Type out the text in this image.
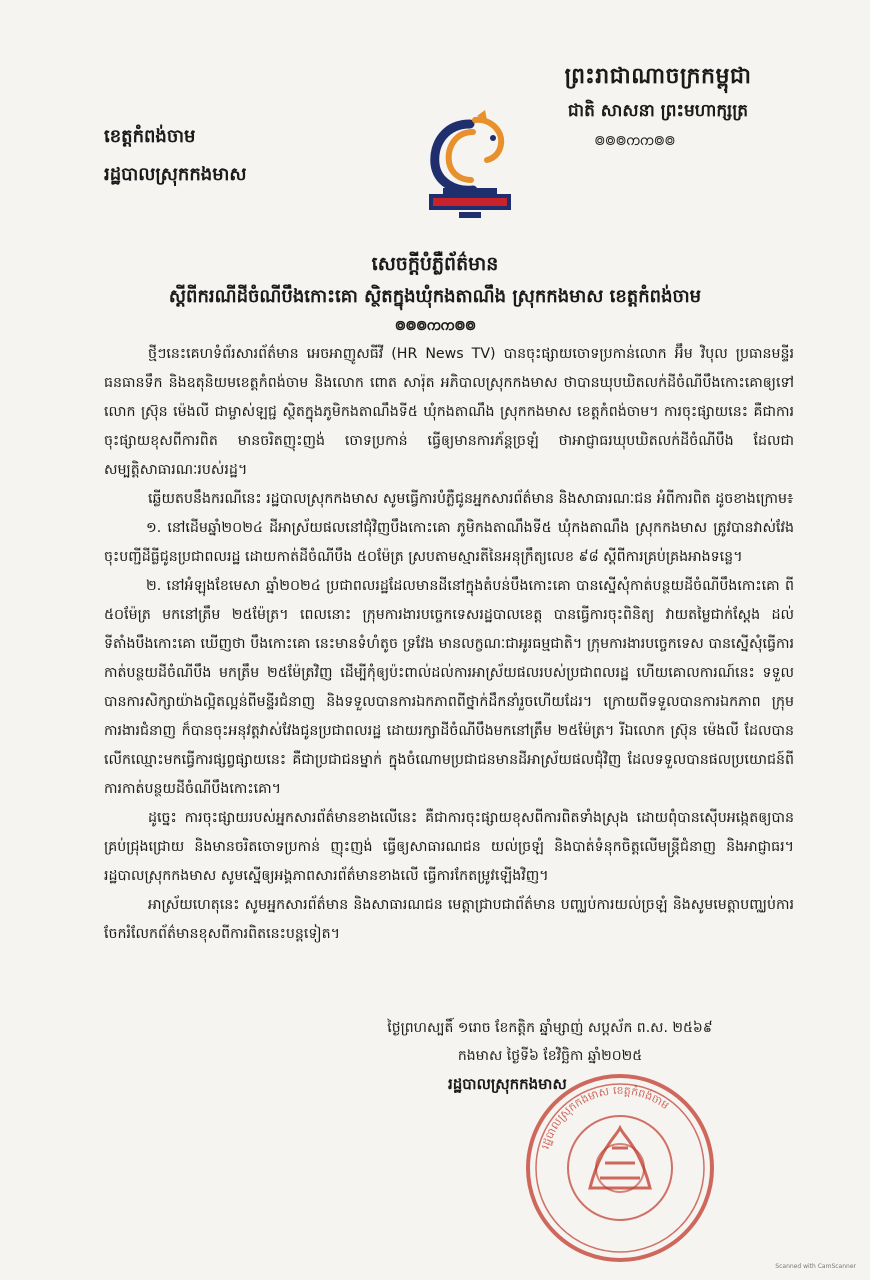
ព្រះរាជាណាចក្រកម្ពុជា
ជាតិ សាសនា ព្រះមហាក្សត្រ
៙៙៙ᨠᨠ៙៙
ខេត្តកំពង់ចាម
រដ្ឋបាលស្រុកកងមាស
សេចក្តីបំភ្លឺព័ត៌មាន
ស្តីពីករណីដីចំណីបឹងកោះគោ ស្ថិតក្នុងឃុំកងតាណឹង ស្រុកកងមាស ខេត្តកំពង់ចាម
៙៙៙ᨠᨠ៙៙

ថ្មីៗនេះគេហទំព័រសារព័ត៌មាន អេចអាញូសធីវី (HR News TV) បានចុះផ្សាយចោទប្រកាន់លោក អ៊ឹម វិបុល ប្រធានមន្ទីរធនធានទឹក និងឧតុនិយមខេត្តកំពង់ចាម និងលោក ពោត សារ៉ុត អភិបាលស្រុកកងមាស ថាបានឃុបឃិតលក់ដីចំណីបឹងកោះគោឲ្យទៅលោក ស្រ៊ុន ម៉េងលី ជាម្ចាស់ឡជ្ជ ស្ថិតក្នុងភូមិកងតាណឹងទី៥ ឃុំកងតាណឹង ស្រុកកងមាស ខេត្តកំពង់ចាម។ ការចុះផ្សាយនេះ គឺជាការចុះផ្សាយខុសពីការពិត មានចរិតញុះញង់ ចោទប្រកាន់ ធ្វើឲ្យមានការភ័ន្តច្រឡំ ថាអាជ្ញាធរឃុបឃិតលក់ដីចំណីបឹង ដែលជាសម្បត្តិសាធារណៈរបស់រដ្ឋ។

ឆ្លើយតបនឹងករណីនេះ រដ្ឋបាលស្រុកកងមាស សូមធ្វើការបំភ្លឺជូនអ្នកសារព័ត៌មាន និងសាធារណៈជន អំពីការពិត ដូចខាងក្រោម៖

១. នៅដើមឆ្នាំ២០២៤ ដីអាស្រ័យផលនៅជុំវិញបឹងកោះគោ ភូមិកងតាណឹងទី៥ ឃុំកងតាណឹង ស្រុកកងមាស ត្រូវបានវាស់វែងចុះបញ្ជីដីធ្លីជូនប្រជាពលរដ្ឋ ដោយកាត់ដីចំណីបឹង ៥០ម៉ែត្រ ស្របតាមស្មារតីនៃអនុក្រឹត្យលេខ ៩៨ ស្តីពីការគ្រប់គ្រងអាងទន្លេ។

២. នៅអំឡុងខែមេសា ឆ្នាំ២០២៤ ប្រជាពលរដ្ឋដែលមានដីនៅក្នុងតំបន់បឹងកោះគោ បានស្នើសុំកាត់បន្ថយដីចំណីបឹងកោះគោ ពី ៥០ម៉ែត្រ មកនៅត្រឹម ២៥ម៉ែត្រ។ ពេលនោះ ក្រុមការងារបច្ចេកទេសរដ្ឋបាលខេត្ត បានធ្វើការចុះពិនិត្យ វាយតម្លៃជាក់ស្តែង ដល់ទីតាំងបឹងកោះគោ ឃើញថា បឹងកោះគោ នេះមានទំហំតូច ទ្រវែង មានលក្ខណៈជាអូរធម្មជាតិ។ ក្រុមការងារបច្ចេកទេស បានស្នើសុំធ្វើការកាត់បន្ថយដីចំណីបឹង មកត្រឹម ២៥ម៉ែត្រវិញ ដើម្បីកុំឲ្យប៉ះពាល់ដល់ការអាស្រ័យផលរបស់ប្រជាពលរដ្ឋ ហើយគោលការណ៍នេះ ទទួលបានការសិក្សាយ៉ាងល្អិតល្អន់ពីមន្ទីរជំនាញ និងទទួលបានការឯកភាពពីថ្នាក់ដឹកនាំរួចហើយដែរ។ ក្រោយពីទទួលបានការឯកភាព ក្រុមការងារជំនាញ ក៏បានចុះអនុវត្តវាស់វែងជូនប្រជាពលរដ្ឋ ដោយរក្សាដីចំណីបឹងមកនៅត្រឹម ២៥ម៉ែត្រ។ រីឯលោក ស្រ៊ុន ម៉េងលី ដែលបានលើកឈ្មោះមកធ្វើការផ្សព្វផ្សាយនេះ គឺជាប្រជាជនម្នាក់ ក្នុងចំណោមប្រជាជនមានដីអាស្រ័យផលជុំវិញ ដែលទទួលបានផលប្រយោជន៍ពីការកាត់បន្ថយដីចំណីបឹងកោះគោ។

ដូច្នេះ ការចុះផ្សាយរបស់អ្នកសារព័ត៌មានខាងលើនេះ គឺជាការចុះផ្សាយខុសពីការពិតទាំងស្រុង ដោយពុំបានស៊ើបអង្កេតឲ្យបានគ្រប់ជ្រុងជ្រោយ និងមានចរិតចោទប្រកាន់ ញុះញង់ ធ្វើឲ្យសាធារណជន យល់ច្រឡំ និងបាត់ទំនុកចិត្តលើមន្ត្រីជំនាញ និងអាជ្ញាធរ។ រដ្ឋបាលស្រុកកងមាស សូមស្នើឲ្យអង្គភាពសារព័ត៌មានខាងលើ ធ្វើការកែតម្រូវឡើងវិញ។

អាស្រ័យហេតុនេះ សូមអ្នកសារព័ត៌មាន និងសាធារណជន មេត្តាជ្រាបជាព័ត៌មាន បញ្ឈប់ការយល់ច្រឡំ និងសូមមេត្តាបញ្ឈប់ការចែករំលែកព័ត៌មានខុសពីការពិតនេះបន្តទៀត។

ថ្ងៃព្រហស្បតិ៍ ១រោច ខែកត្តិក ឆ្នាំម្សាញ់ សប្តស័ក ព.ស. ២៥៦៩
កងមាស ថ្ងៃទី៦ ខែវិច្ឆិកា ឆ្នាំ២០២៥
រដ្ឋបាលស្រុកកងមាស
រដ្ឋបាលស្រុកកងមាស ខេត្តកំពង់ចាម
Scanned with CamScanner
